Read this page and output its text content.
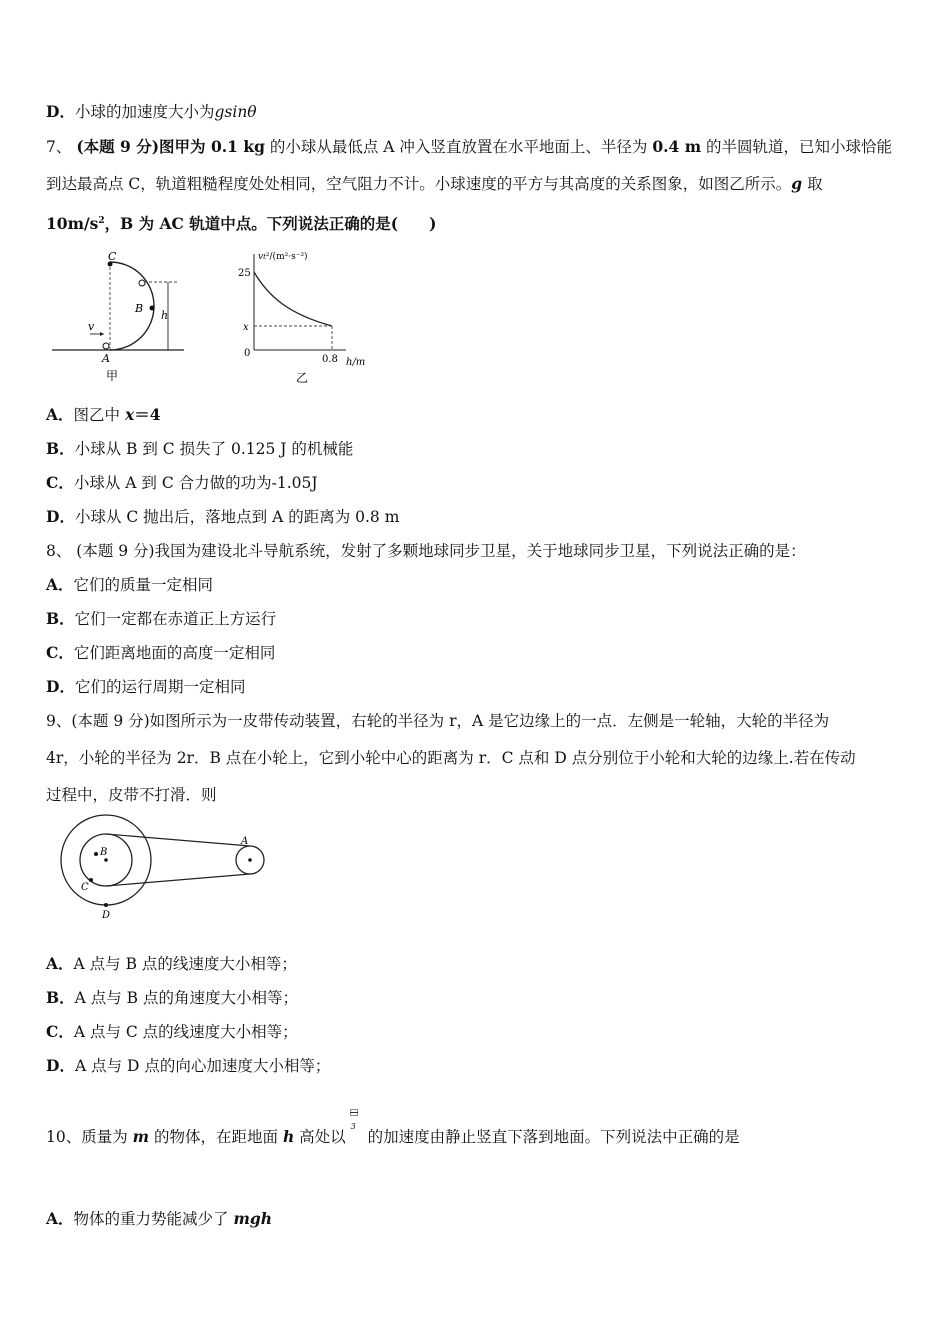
D．小球的加速度大小为gsinθ
7、 (本题 9 分)图甲为 0.1 kg 的小球从最低点 A 冲入竖直放置在水平地面上、半径为 0.4 m 的半圆轨道，已知小球恰能
到达最高点 C，轨道粗糙程度处处相同，空气阻力不计。小球速度的平方与其高度的关系图象，如图乙所示。g 取
$10m/s^2$，B 为 AC 轨道中点。下列说法正确的是(　　)
C
B
A
h
v
甲
vt²/(m²·s⁻²)
25
x
0
0.8 h/m
乙
A．图乙中 x＝4
B．小球从 B 到 C 损失了 0.125 J 的机械能
C．小球从 A 到 C 合力做的功为-1.05J
D．小球从 C 抛出后，落地点到 A 的距离为 0.8 m
8、 (本题 9 分)我国为建设北斗导航系统，发射了多颗地球同步卫星，关于地球同步卫星，下列说法正确的是：
A．它们的质量一定相同
B．它们一定都在赤道正上方运行
C．它们距离地面的高度一定相同
D．它们的运行周期一定相同
9、(本题 9 分)如图所示为一皮带传动装置，右轮的半径为 r，A 是它边缘上的一点．左侧是一轮轴，大轮的半径为
4r，小轮的半径为 2r．B 点在小轮上，它到小轮中心的距离为 r．C 点和 D 点分别位于小轮和大轮的边缘上.若在传动
过程中，皮带不打滑．则
B
A
C
D
A．A 点与 B 点的线速度大小相等；
B．A 点与 B 点的角速度大小相等；
C．A 点与 C 点的线速度大小相等；
D．A 点与 D 点的向心加速度大小相等；
10、质量为 m 的物体，在距地面 h 高处以
□
3
的加速度由静止竖直下落到地面。下列说法中正确的是
A．物体的重力势能减少了 mgh
